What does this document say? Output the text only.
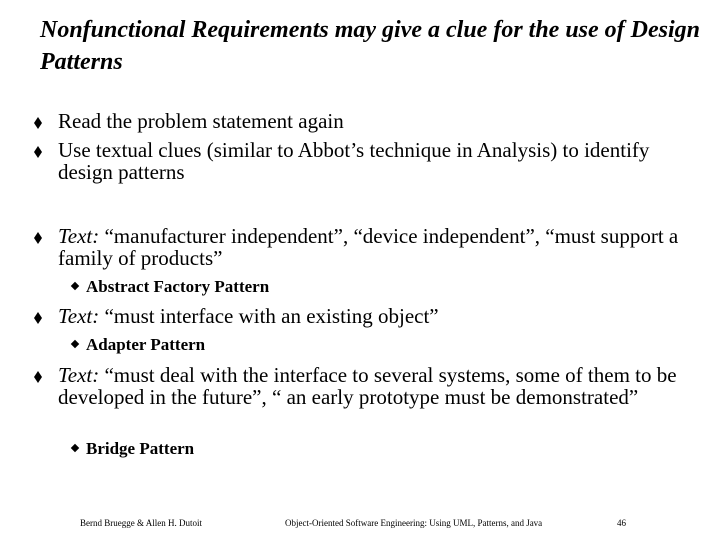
Nonfunctional Requirements may give a clue for the use of Design Patterns
Read the problem statement again
Use textual clues (similar to Abbot’s technique in Analysis) to identify design patterns
Text: “manufacturer independent”, “device independent”, “must support a family of products”
Abstract Factory Pattern
Text: “must interface with an existing object”
Adapter Pattern
Text: “must deal with the interface to several systems, some of them to be developed in the future”, “ an early prototype must be demonstrated”
Bridge Pattern
Bernd Bruegge & Allen H. Dutoit	Object-Oriented Software Engineering: Using UML, Patterns, and Java	46
